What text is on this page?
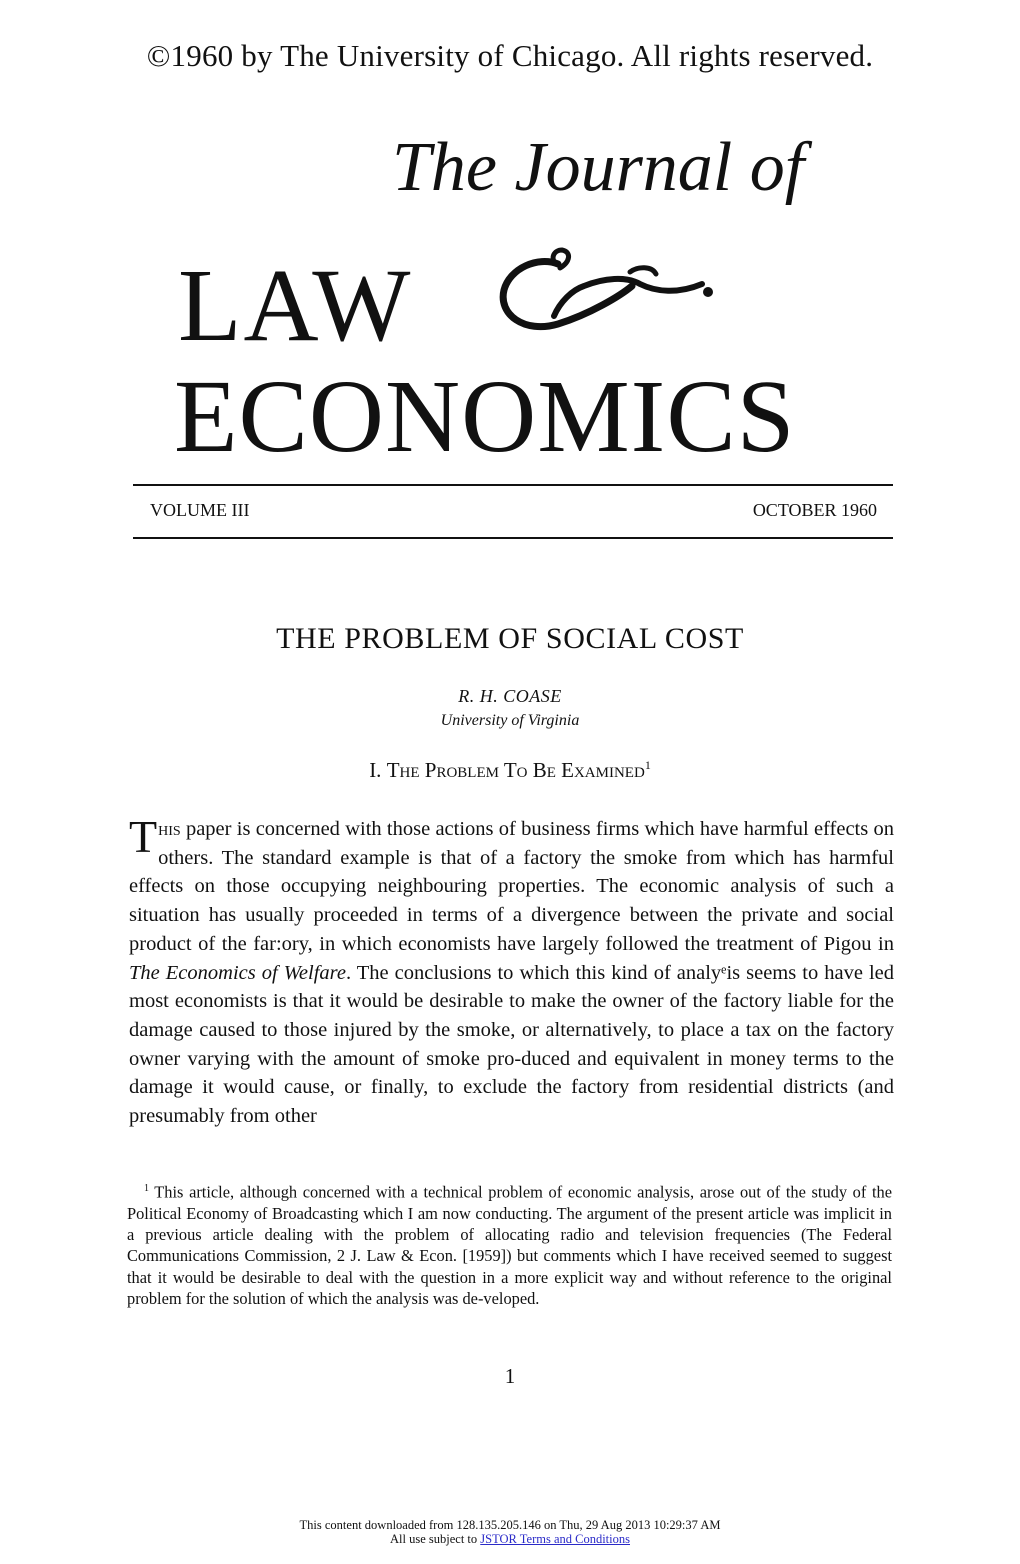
©1960 by The University of Chicago. All rights reserved.
The Journal of
LAW
ECONOMICS
VOLUME III	OCTOBER 1960
THE PROBLEM OF SOCIAL COST
R. H. COASE
University of Virginia
I. The Problem To Be Examined$^1$
This paper is concerned with those actions of business firms which have harmful effects on others. The standard example is that of a factory the smoke from which has harmful effects on those occupying neighbouring properties. The economic analysis of such a situation has usually proceeded in terms of a divergence between the private and social product of the far:ory, in which economists have largely followed the treatment of Pigou in The Economics of Welfare. The conclusions to which this kind of analyᵉis seems to have led most economists is that it would be desirable to make the owner of the factory liable for the damage caused to those injured by the smoke, or alternatively, to place a tax on the factory owner varying with the amount of smoke pro-duced and equivalent in money terms to the damage it would cause, or finally, to exclude the factory from residential districts (and presumably from other
$^1$ This article, although concerned with a technical problem of economic analysis, arose out of the study of the Political Economy of Broadcasting which I am now conducting. The argument of the present article was implicit in a previous article dealing with the problem of allocating radio and television frequencies (The Federal Communications Commission, 2 J. Law & Econ. [1959]) but comments which I have received seemed to suggest that it would be desirable to deal with the question in a more explicit way and without reference to the original problem for the solution of which the analysis was de-veloped.
1
This content downloaded from 128.135.205.146 on Thu, 29 Aug 2013 10:29:37 AM
All use subject to JSTOR Terms and Conditions
